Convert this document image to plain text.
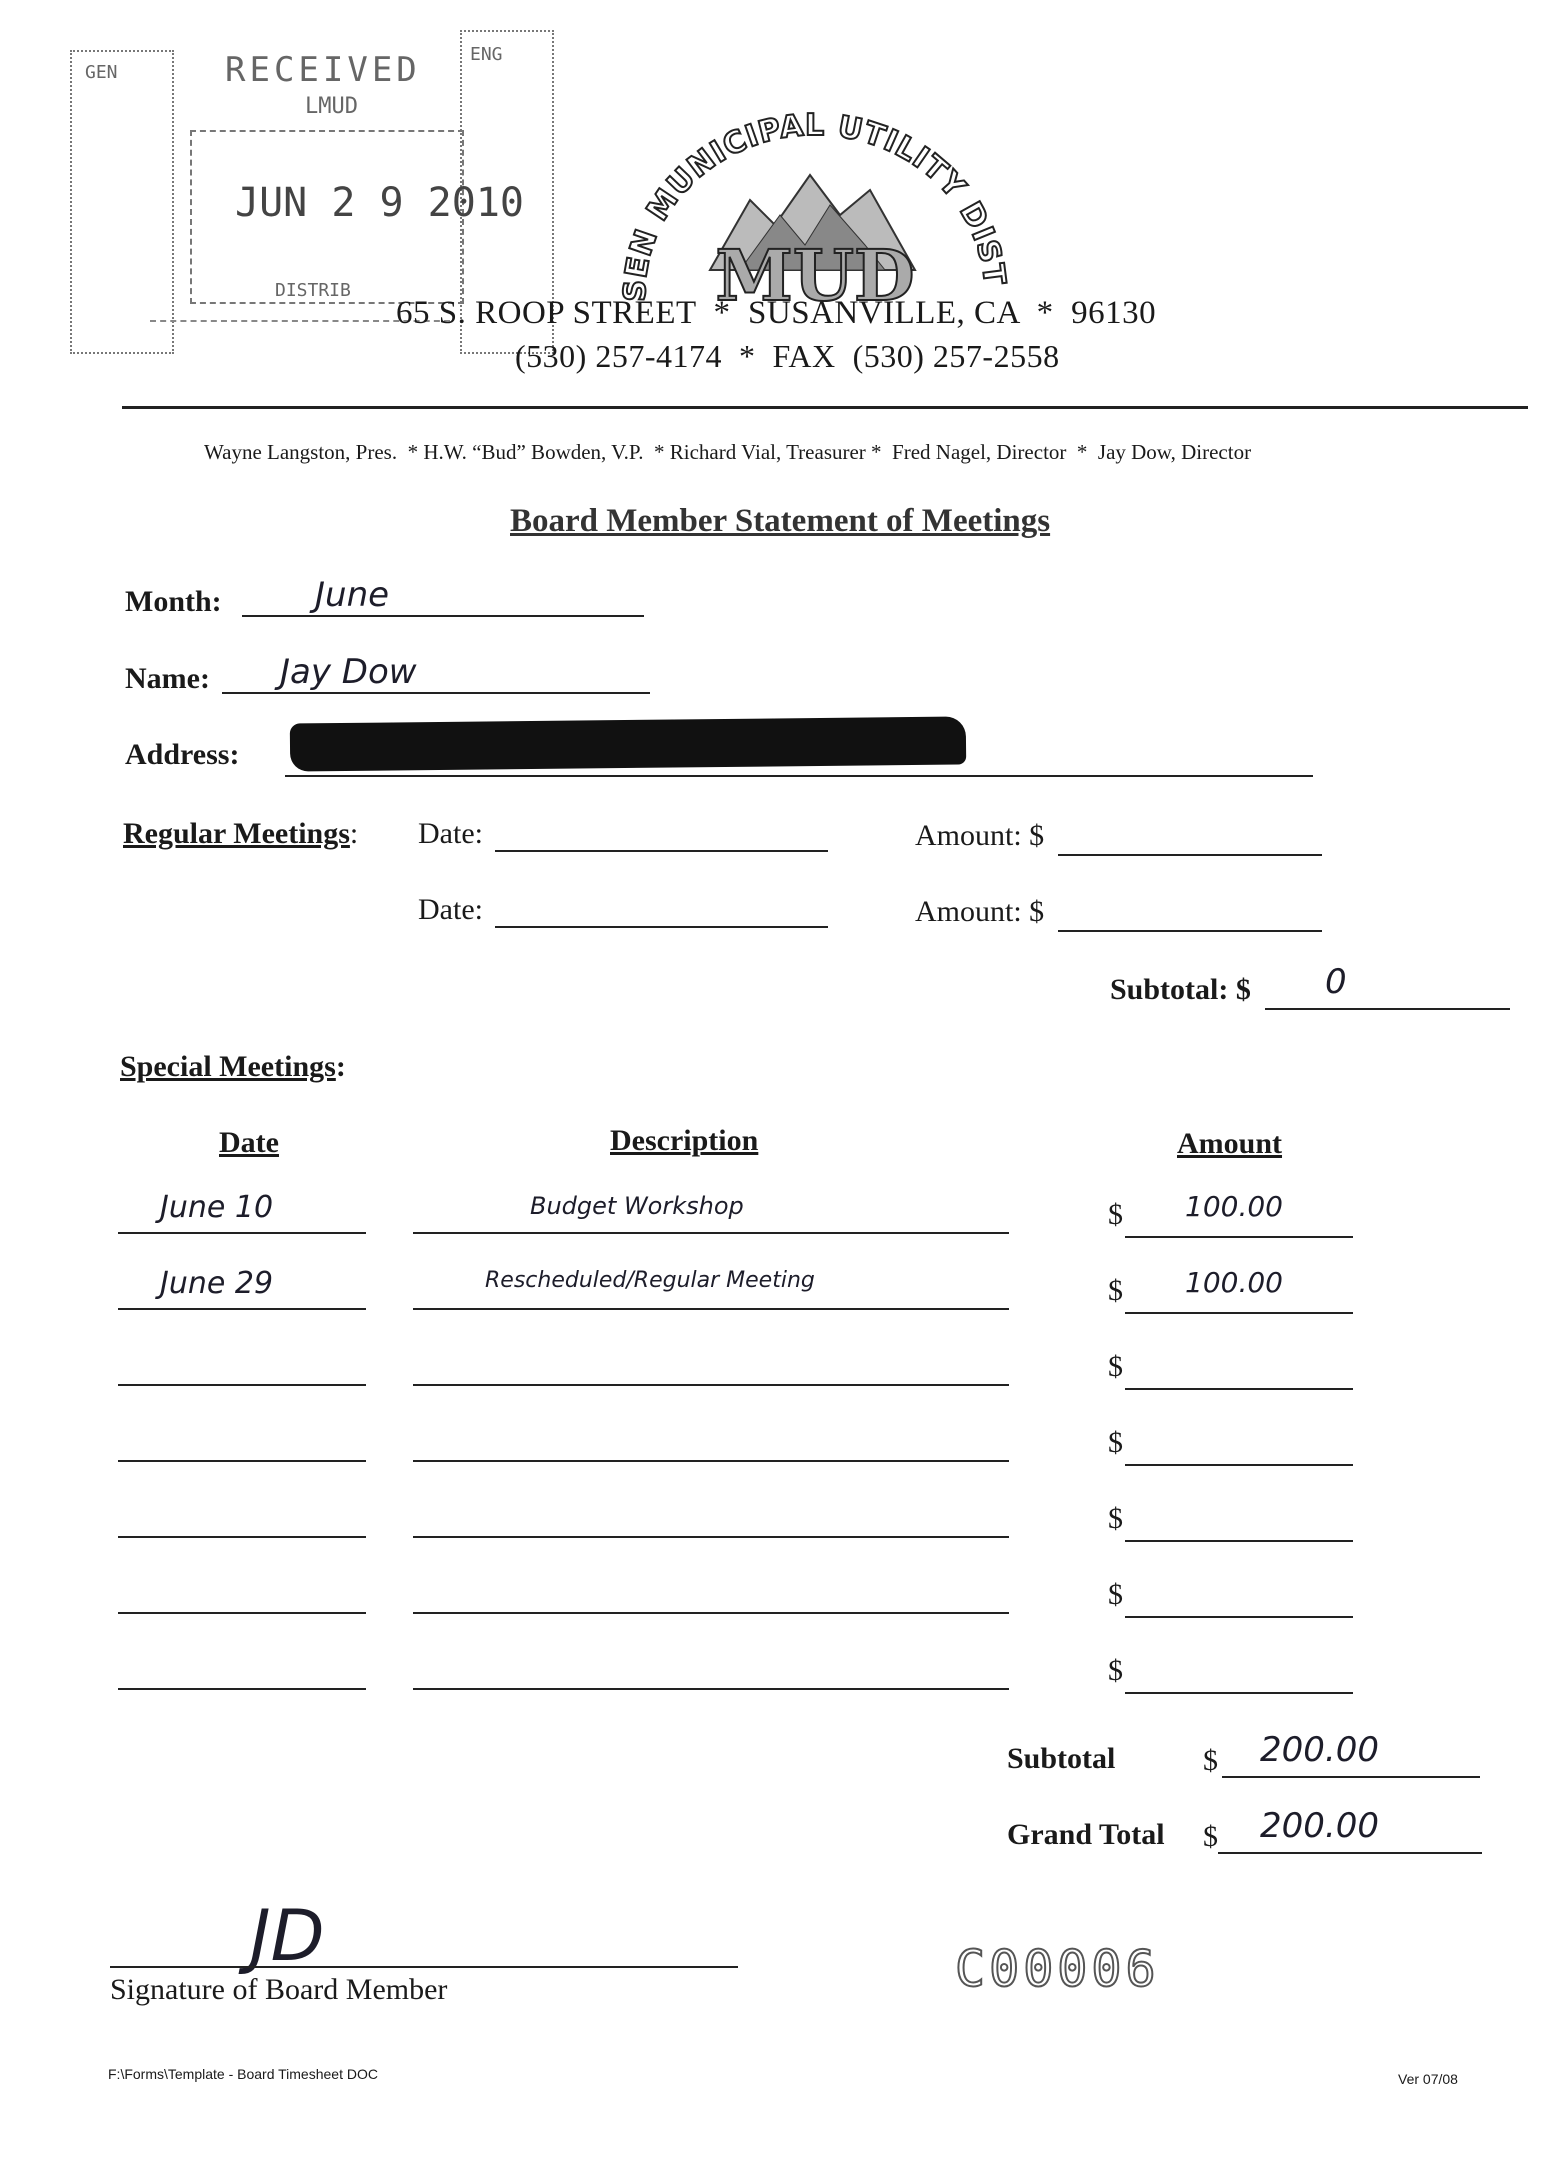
GEN
ENG
RECEIVED
LMUD
JUN 2 9 2010
DISTRIB	SEN MUNICIPAL UTILITY DIST
MUD
65 S. ROOP STREET  *  SUSANVILLE, CA  *  96130
(530) 257-4174  *  FAX  (530) 257-2558
Wayne Langston, Pres.  * H.W. “Bud” Bowden, V.P.  * Richard Vial, Treasurer *  Fred Nagel, Director  *  Jay Dow, Director
Board Member Statement of Meetings
Month:	June
Name: Jay Dow
Address:
Regular Meetings: Date:	Amount: $
Date:	Amount: $
Subtotal: $ 0
Special Meetings:
Date	Description	Amount
June 10	Budget Workshop	$ 100.00
June 29	Rescheduled/Regular Meeting	$ 100.00
$
$
$
$
$
Subtotal	$ 200.00
Grand Total $ 200.00
JD
Signature of Board Member	C00006
F:\Forms\Template - Board Timesheet DOC	Ver 07/08
